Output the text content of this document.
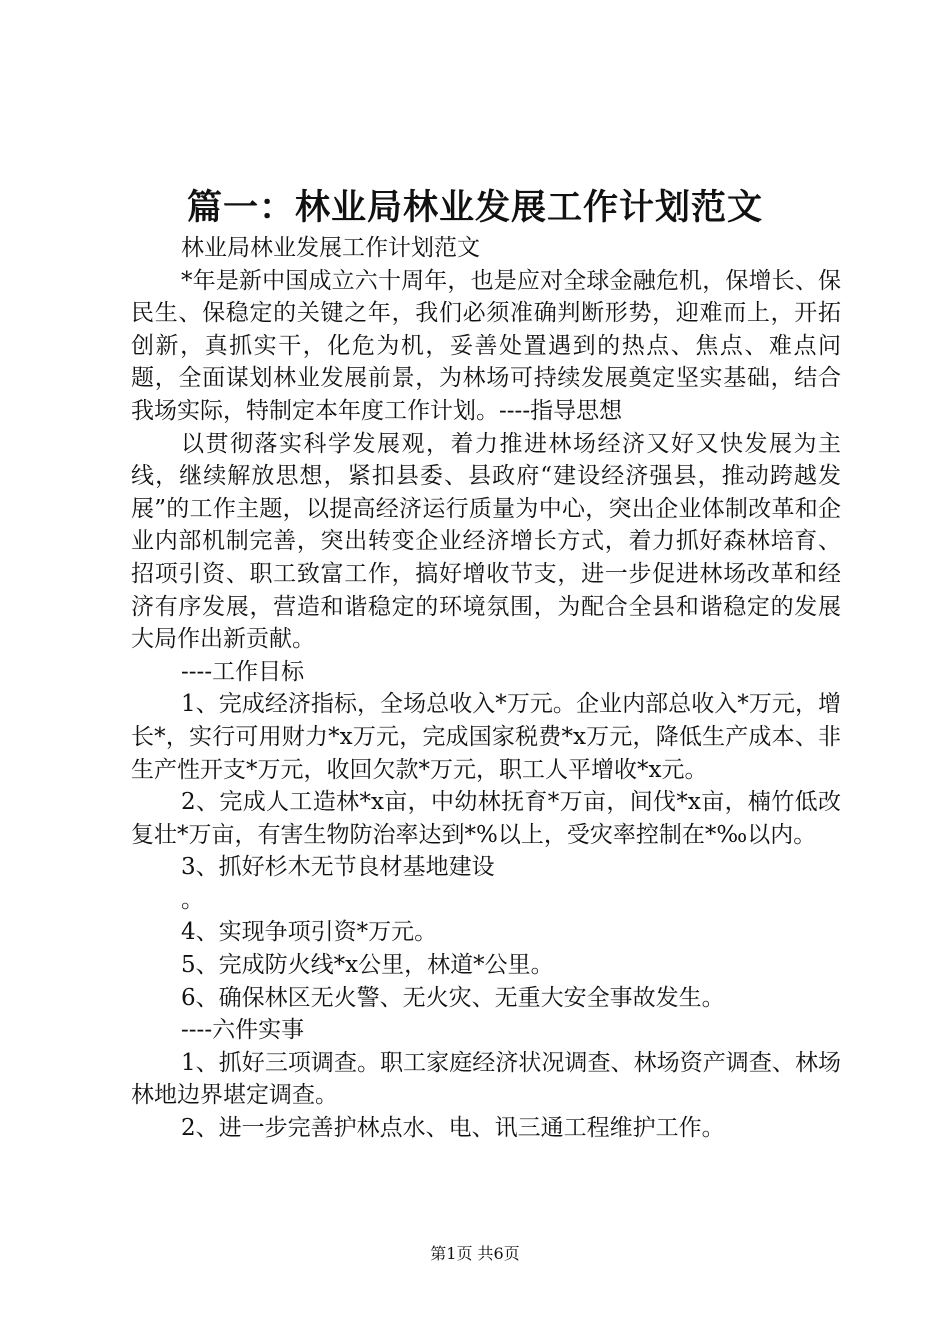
篇一：林业局林业发展工作计划范文

林业局林业发展工作计划范文

*年是新中国成立六十周年，也是应对全球金融危机，保增长、保民生、保稳定的关键之年，我们必须准确判断形势，迎难而上，开拓创新，真抓实干，化危为机，妥善处置遇到的热点、焦点、难点问题，全面谋划林业发展前景，为林场可持续发展奠定坚实基础，结合我场实际，特制定本年度工作计划。----指导思想

以贯彻落实科学发展观，着力推进林场经济又好又快发展为主线，继续解放思想，紧扣县委、县政府“建设经济强县，推动跨越发展”的工作主题，以提高经济运行质量为中心，突出企业体制改革和企业内部机制完善，突出转变企业经济增长方式，着力抓好森林培育、招项引资、职工致富工作，搞好增收节支，进一步促进林场改革和经济有序发展，营造和谐稳定的环境氛围，为配合全县和谐稳定的发展大局作出新贡献。

----工作目标

1、完成经济指标，全场总收入*万元。企业内部总收入*万元，增长*，实行可用财力*x万元，完成国家税费*x万元，降低生产成本、非生产性开支*万元，收回欠款*万元，职工人平增收*x元。

2、完成人工造林*x亩，中幼林抚育*万亩，间伐*x亩，楠竹低改复壮*万亩，有害生物防治率达到*%以上，受灾率控制在*‰以内。

3、抓好杉木无节良材基地建设

。

4、实现争项引资*万元。

5、完成防火线*x公里，林道*公里。

6、确保林区无火警、无火灾、无重大安全事故发生。

----六件实事

1、抓好三项调查。职工家庭经济状况调查、林场资产调查、林场林地边界堪定调查。

2、进一步完善护林点水、电、讯三通工程维护工作。

第1页 共6页
